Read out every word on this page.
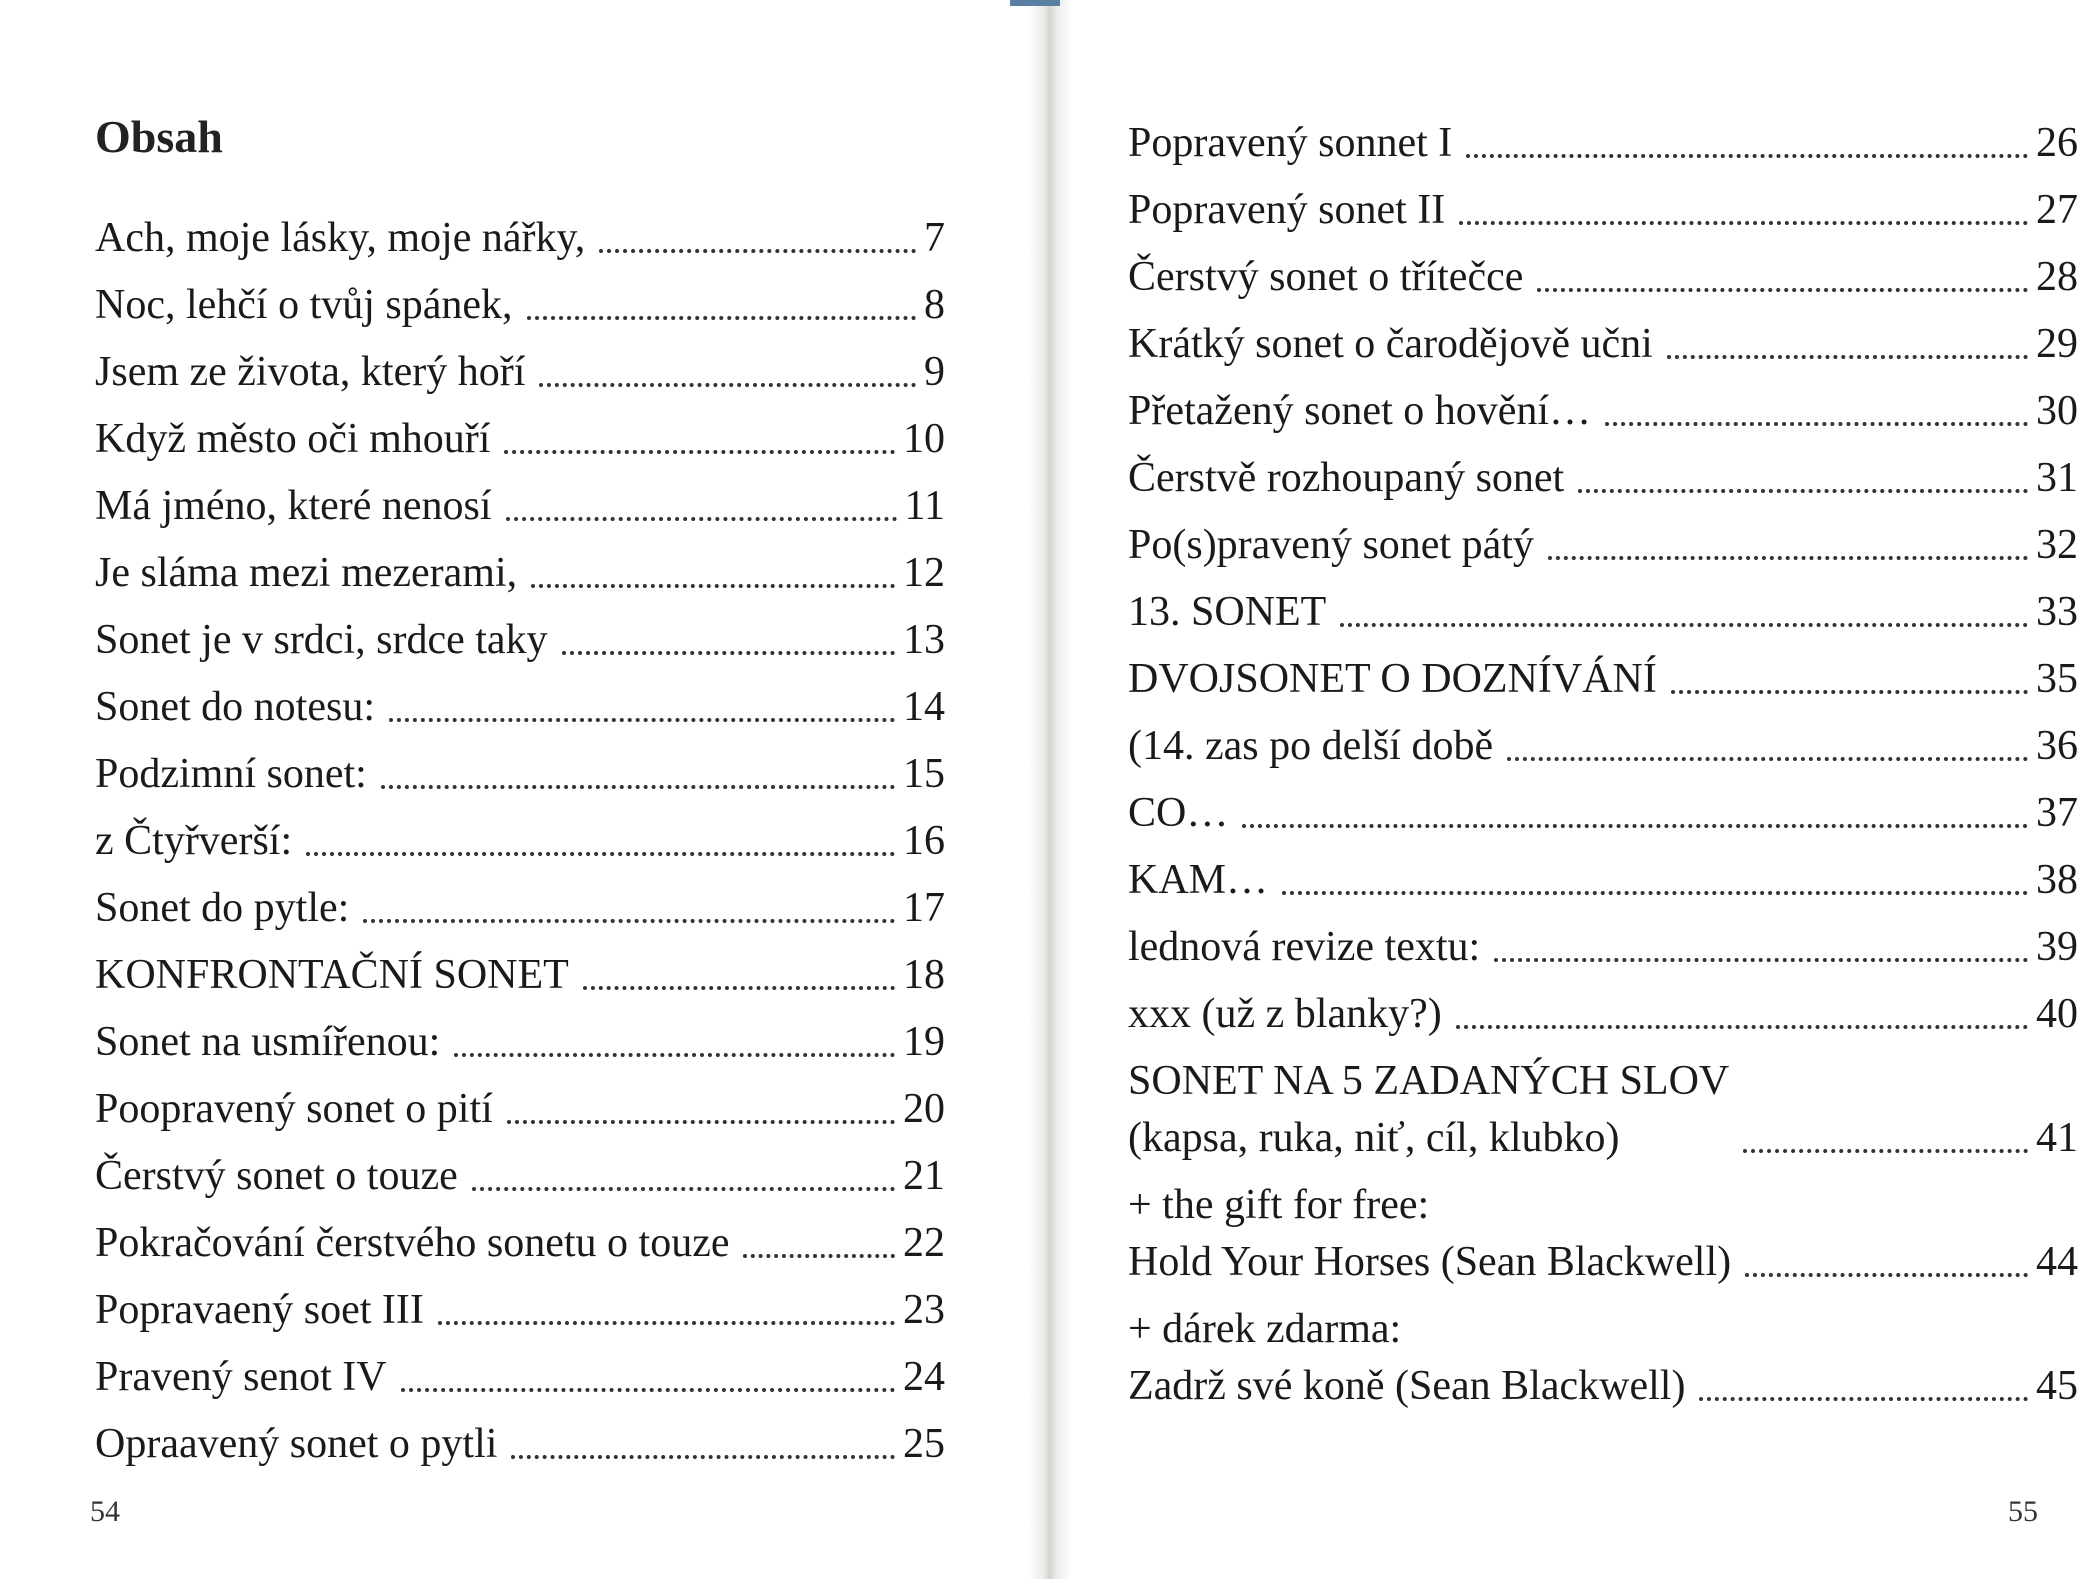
Obsah
Ach, moje lásky, moje nářky,	7
Noc, lehčí o tvůj spánek,	8
Jsem ze života, který hoří	9
Když město oči mhouří	10
Má jméno, které nenosí	11
Je sláma mezi mezerami,	12
Sonet je v srdci, srdce taky	13
Sonet do notesu:	14
Podzimní sonet:	15
z Čtyřverší:	16
Sonet do pytle:	17
KONFRONTAČNÍ SONET	18
Sonet na usmířenou:	19
Poopravený sonet o pití	20
Čerstvý sonet o touze	21
Pokračování čerstvého sonetu o touze	22
Popravaený soet III	23
Pravený senot IV	24
Opraavený sonet o pytli	25
54
Popravený sonnet I	26
Popravený sonet II	27
Čerstvý sonet o třítečce	28
Krátký sonet o čarodějově učni	29
Přetažený sonet o hovění…	30
Čerstvě rozhoupaný sonet	31
Po(s)pravený sonet pátý	32
13. SONET	33
DVOJSONET O DOZNÍVÁNÍ	35
(14. zas po delší době	36
CO…	37
KAM…	38
lednová revize textu:	39
xxx (už z blanky?)	40
SONET NA 5 ZADANÝCH SLOV
(kapsa, ruka, niť, cíl, klubko)	41
+ the gift for free:
Hold Your Horses (Sean Blackwell)	44
+ dárek zdarma:
Zadrž své koně (Sean Blackwell)	45
55
